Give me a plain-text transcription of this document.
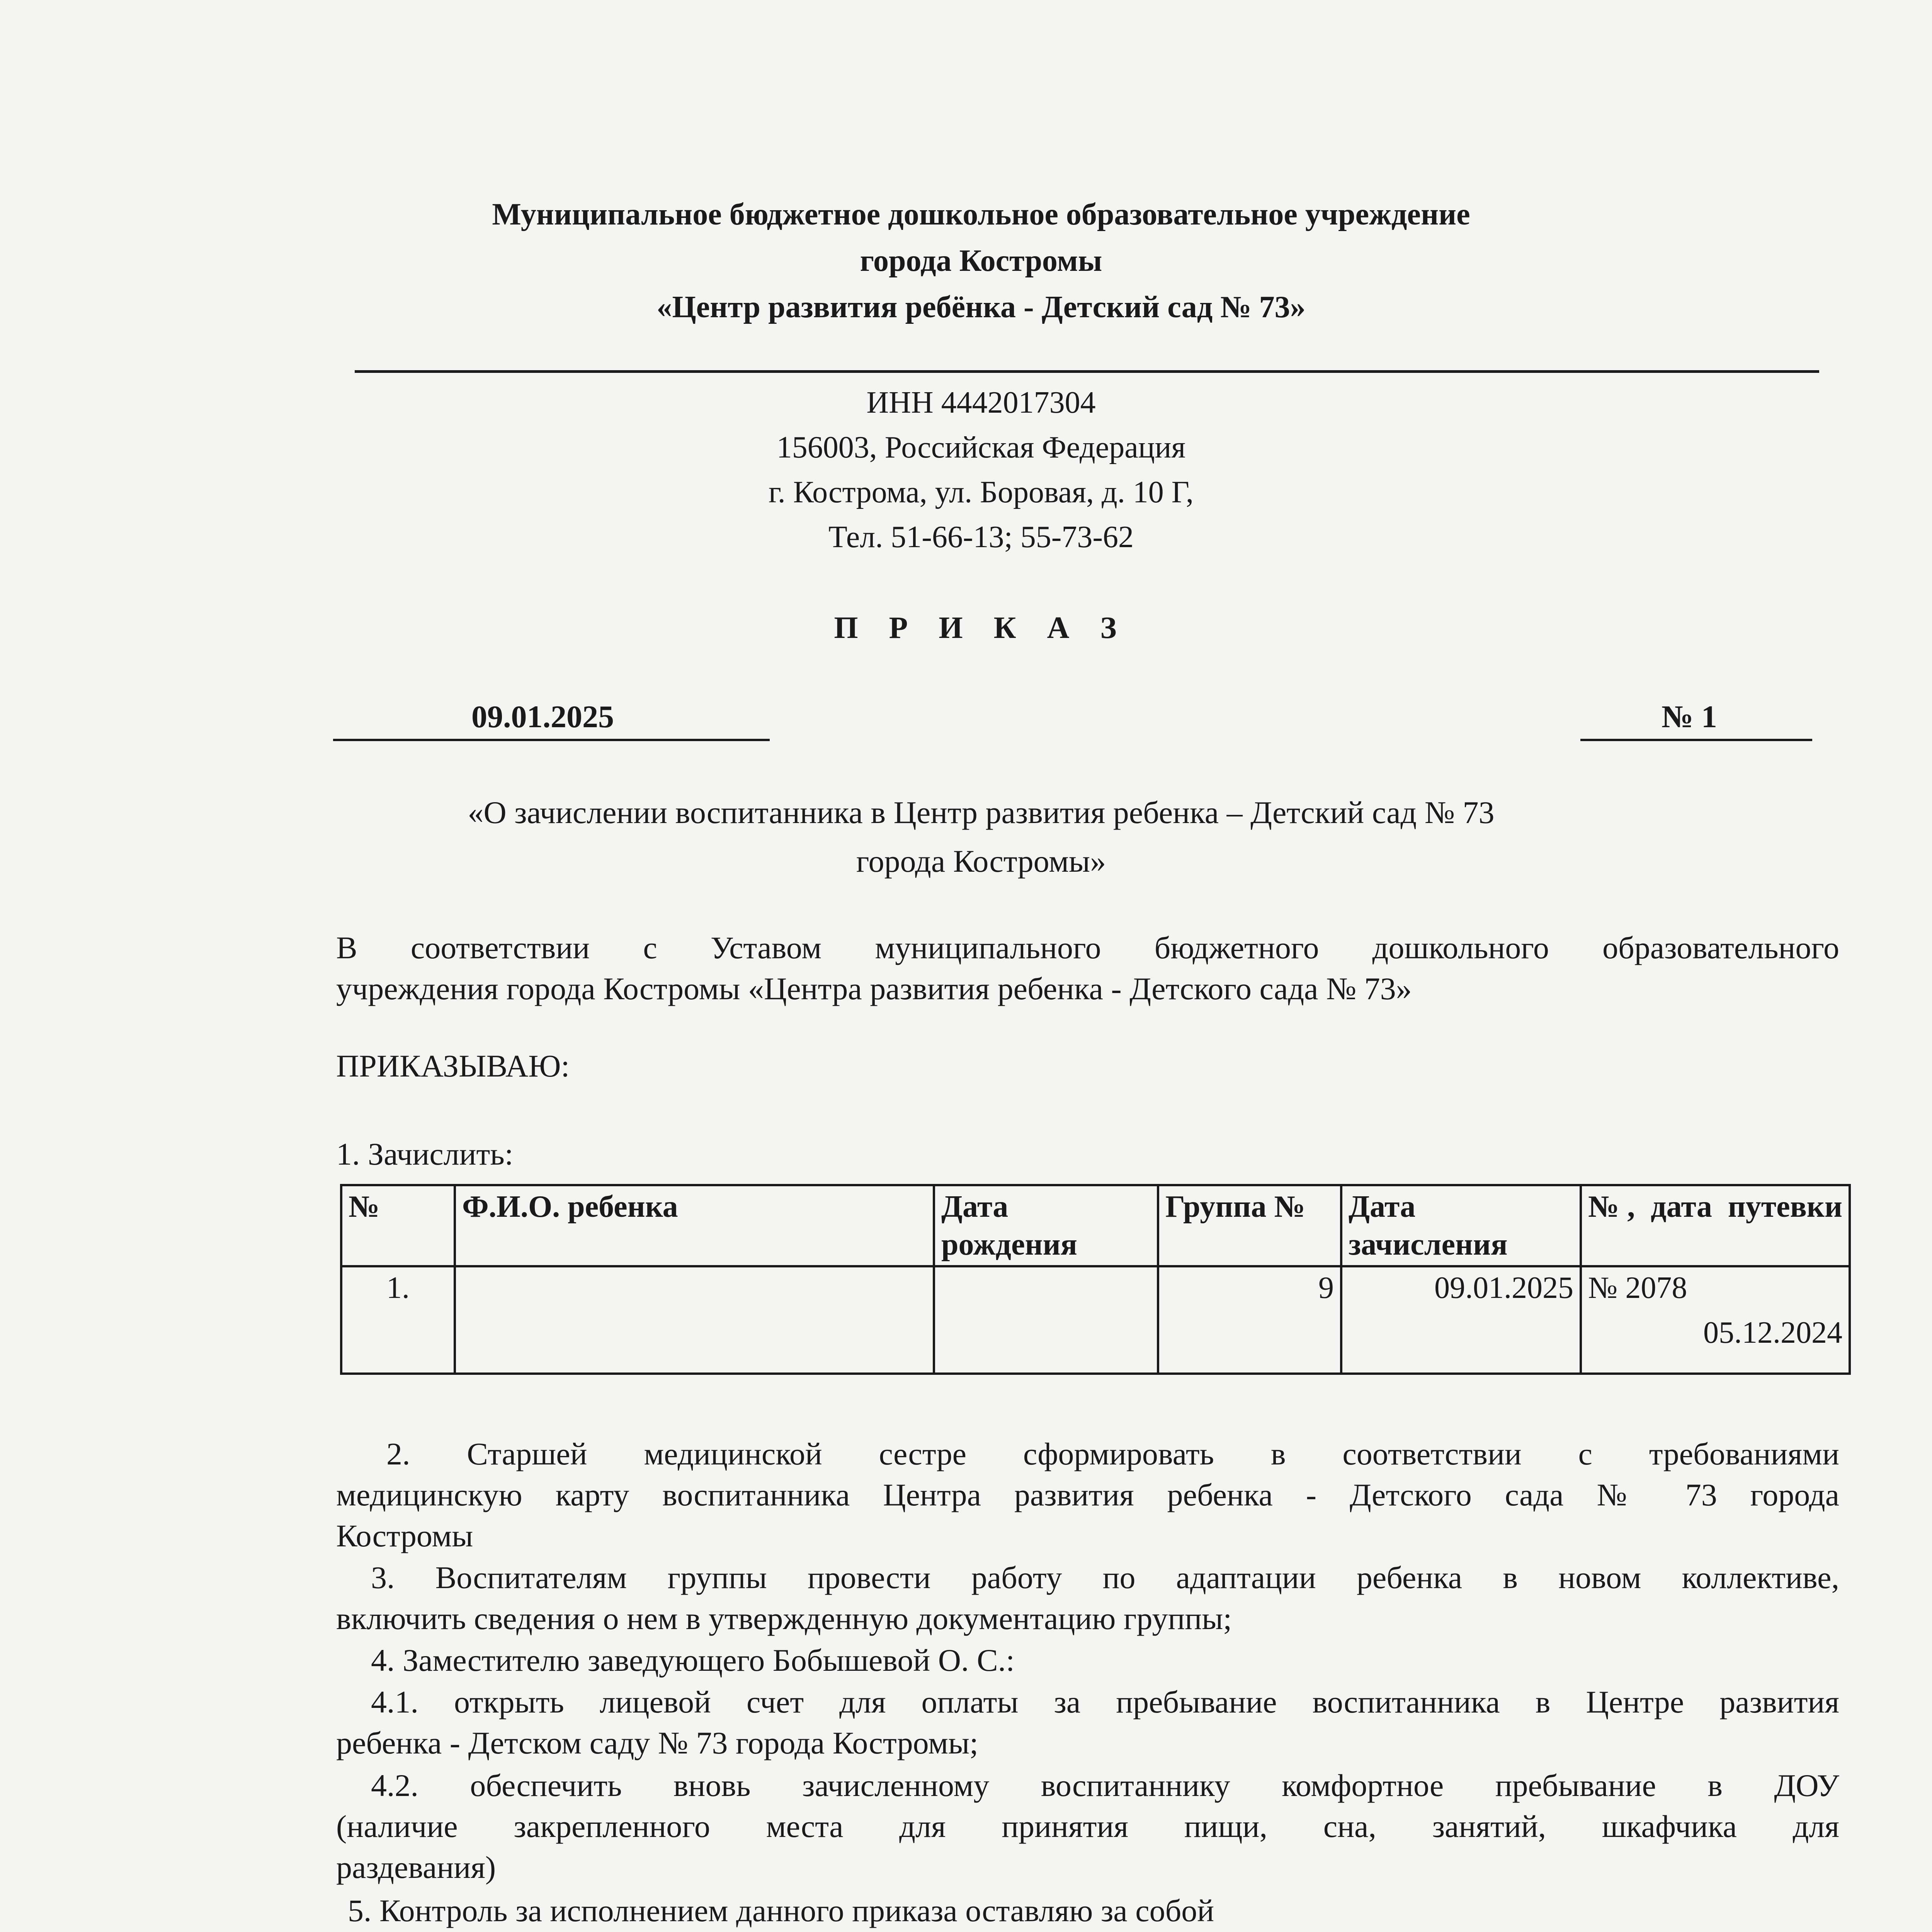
Муниципальное бюджетное дошкольное образовательное учреждение
города Костромы
«Центр развития ребёнка - Детский сад № 73»
ИНН 4442017304
156003, Российская Федерация
г. Кострома, ул. Боровая, д. 10 Г,
Тел. 51-66-13; 55-73-62
П Р И К А З
09.01.2025	№ 1
«О зачислении воспитанника в Центр развития ребенка – Детский сад № 73
города Костромы»
В соответствии с Уставом муниципального бюджетного дошкольного образовательного
учреждения города Костромы «Центра развития ребенка - Детского сада № 73»
ПРИКАЗЫВАЮ:
1. Зачислить:
№	Ф.И.О. ребенка	Дата рождения	Группа №	Дата зачисления	№, дата путевки
1.			9	09.01.2025	№ 2078
05.12.2024
2. Старшей медицинской сестре сформировать в соответствии с требованиями
медицинскую карту воспитанника Центра развития ребенка - Детского сада № 73 города
Костромы
3. Воспитателям группы провести работу по адаптации ребенка в новом коллективе,
включить сведения о нем в утвержденную документацию группы;
4. Заместителю заведующего Бобышевой О. С.:
4.1. открыть лицевой счет для оплаты за пребывание воспитанника в Центре развития
ребенка - Детском саду № 73 города Костромы;
4.2. обеспечить вновь зачисленному воспитаннику комфортное пребывание в ДОУ
(наличие закрепленного места для принятия пищи, сна, занятий, шкафчика для
раздевания)
5. Контроль за исполнением данного приказа оставляю за собой
